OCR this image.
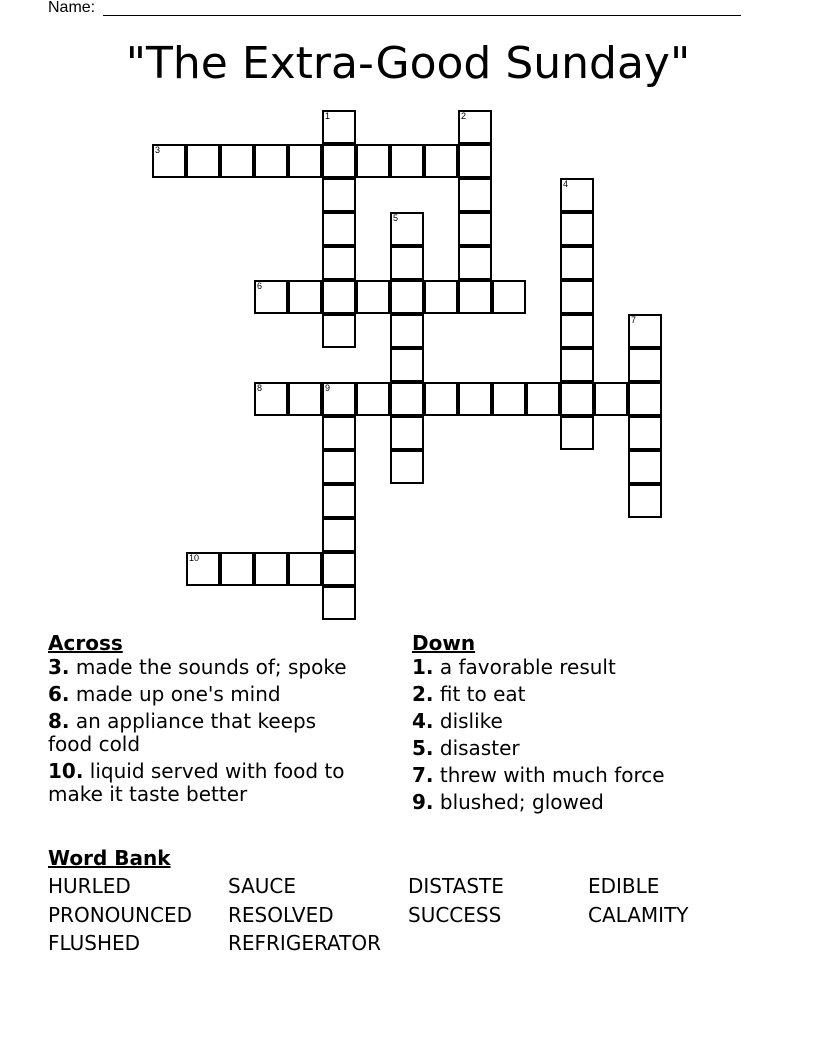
Name:
"The Extra-Good Sunday"
1	2
3
4
5
6
7
8	9
10
Across
3. made the sounds of; spoke
6. made up one's mind
8. an appliance that keeps food cold
10. liquid served with food to make it taste better
Down
1. a favorable result
2. fit to eat
4. dislike
5. disaster
7. threw with much force
9. blushed; glowed
Word Bank
HURLED	SAUCE	DISTASTE	EDIBLE
PRONOUNCED	RESOLVED	SUCCESS	CALAMITY
FLUSHED	REFRIGERATOR
